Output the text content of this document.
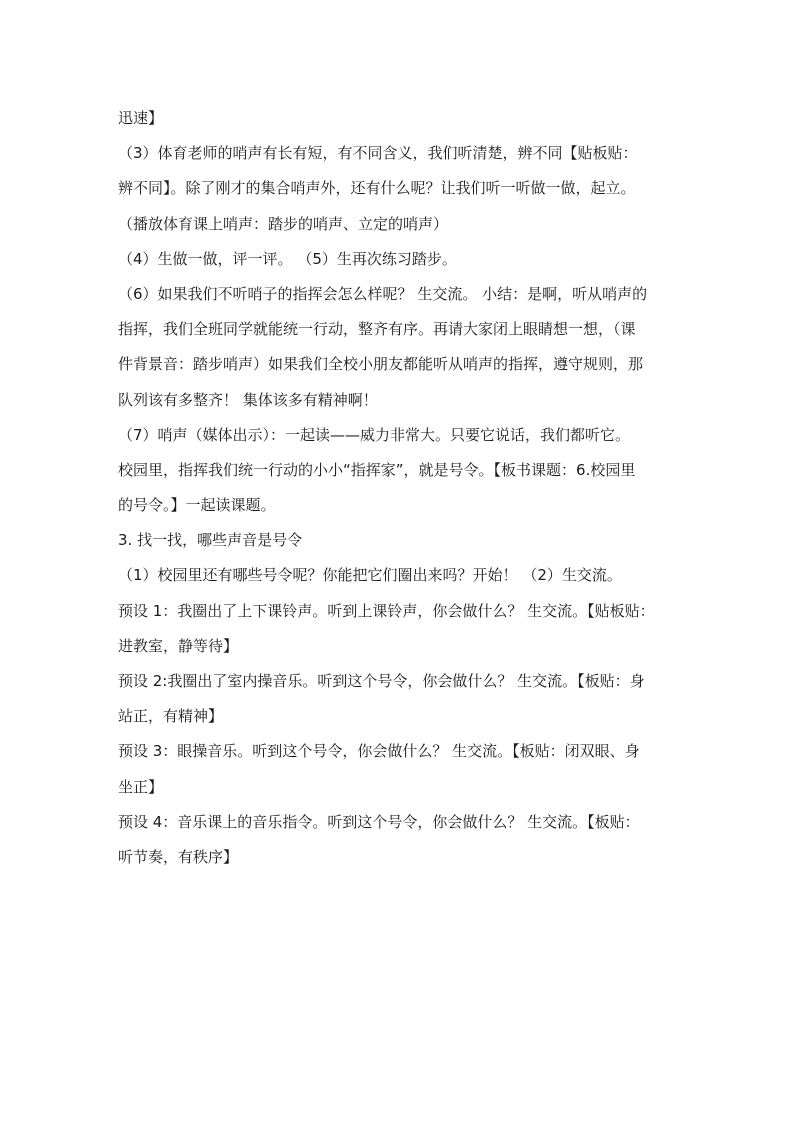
迅速】
（3）体育老师的哨声有长有短，有不同含义，我们听清楚，辨不同【贴板贴：
辨不同】。除了刚才的集合哨声外，还有什么呢？让我们听一听做一做，起立。
（播放体育课上哨声：踏步的哨声、立定的哨声）
（4）生做一做，评一评。 （5）生再次练习踏步。
（6）如果我们不听哨子的指挥会怎么样呢？ 生交流。 小结：是啊，听从哨声的
指挥，我们全班同学就能统一行动，整齐有序。再请大家闭上眼睛想一想，（课
件背景音：踏步哨声）如果我们全校小朋友都能听从哨声的指挥，遵守规则，那
队列该有多整齐！ 集体该多有精神啊！
（7）哨声（媒体出示）：一起读——威力非常大。只要它说话，我们都听它。
校园里，指挥我们统一行动的小小“指挥家”，就是号令。【板书课题：6.校园里
的号令。】一起读课题。
3. 找一找，哪些声音是号令
（1）校园里还有哪些号令呢？你能把它们圈出来吗？开始！ （2）生交流。
预设 1：我圈出了上下课铃声。听到上课铃声，你会做什么？ 生交流。【贴板贴：
进教室，静等待】
预设 2:我圈出了室内操音乐。听到这个号令，你会做什么？ 生交流。【板贴：身
站正，有精神】
预设 3：眼操音乐。听到这个号令，你会做什么？ 生交流。【板贴：闭双眼、身
坐正】
预设 4：音乐课上的音乐指令。听到这个号令，你会做什么？ 生交流。【板贴：
听节奏，有秩序】
